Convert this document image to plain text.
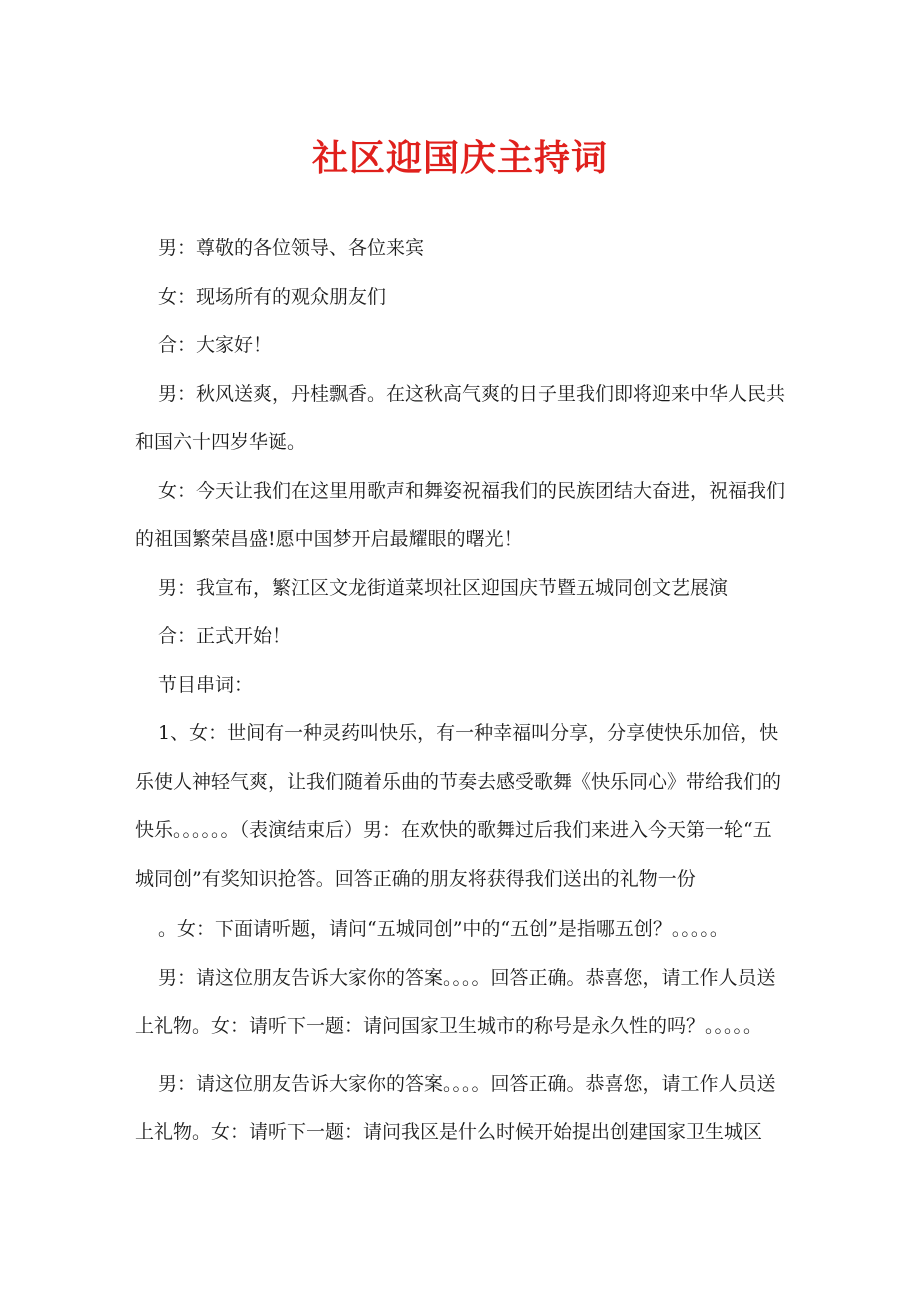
社区迎国庆主持词

男：尊敬的各位领导、各位来宾

女：现场所有的观众朋友们

合：大家好！

男：秋风送爽，丹桂飘香。在这秋高气爽的日子里我们即将迎来中华人民共和国六十四岁华诞。

女：今天让我们在这里用歌声和舞姿祝福我们的民族团结大奋进，祝福我们的祖国繁荣昌盛!愿中国梦开启最耀眼的曙光！

男：我宣布，繁江区文龙街道菜坝社区迎国庆节暨五城同创文艺展演

合：正式开始！

节目串词：

1、女：世间有一种灵药叫快乐，有一种幸福叫分享，分享使快乐加倍，快乐使人神轻气爽，让我们随着乐曲的节奏去感受歌舞《快乐同心》带给我们的快乐。。。。。。（表演结束后）男：在欢快的歌舞过后我们来进入今天第一轮“五城同创”有奖知识抢答。回答正确的朋友将获得我们送出的礼物一份

。女：下面请听题，请问“五城同创”中的“五创”是指哪五创？。。。。。

男：请这位朋友告诉大家你的答案。。。。回答正确。恭喜您，请工作人员送上礼物。女：请听下一题：请问国家卫生城市的称号是永久性的吗？。。。。。

男：请这位朋友告诉大家你的答案。。。。回答正确。恭喜您，请工作人员送上礼物。女：请听下一题：请问我区是什么时候开始提出创建国家卫生城区
